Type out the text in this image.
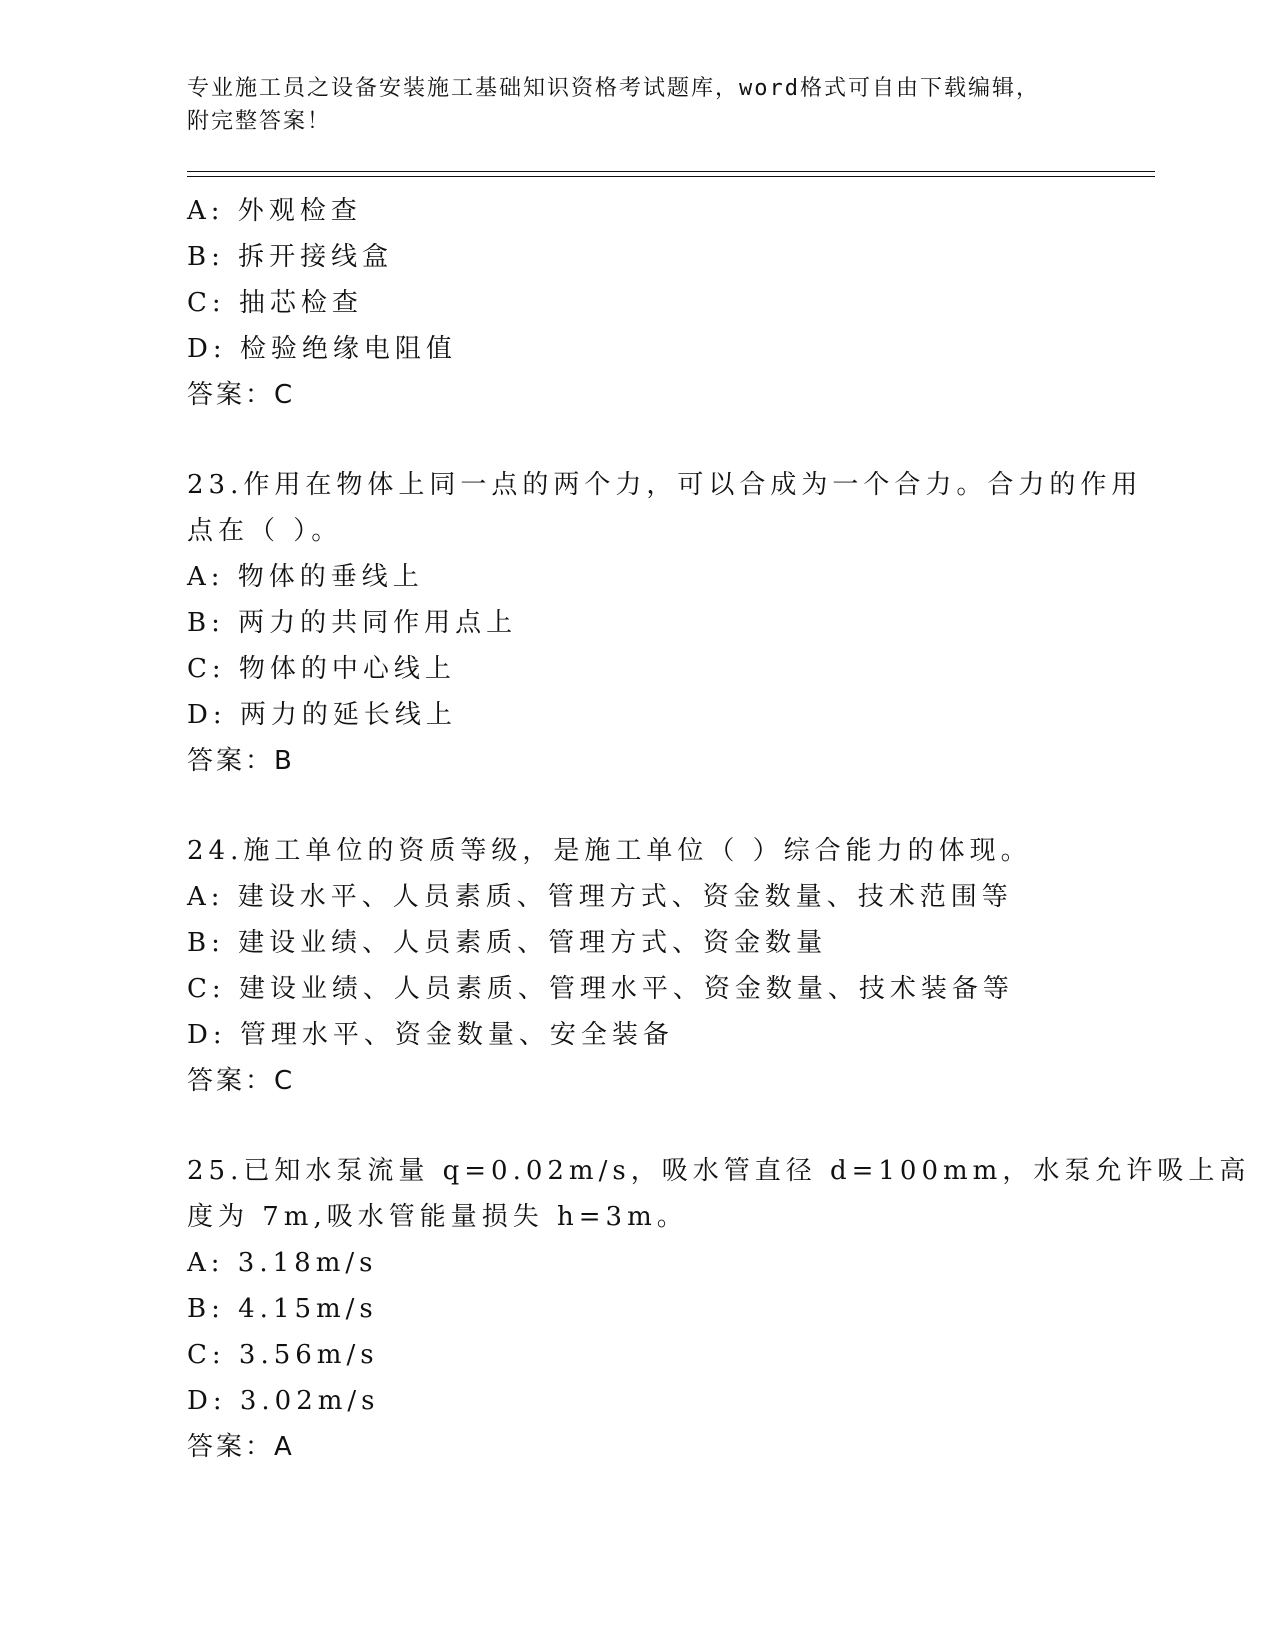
专业施工员之设备安装施工基础知识资格考试题库，word格式可自由下载编辑，
附完整答案！
A: 外观检查
B: 拆开接线盒
C: 抽芯检查
D: 检验绝缘电阻值
答案：C
23.作用在物体上同一点的两个力，可以合成为一个合力。合力的作用
点在（ ）。
A: 物体的垂线上
B: 两力的共同作用点上
C: 物体的中心线上
D: 两力的延长线上
答案：B
24.施工单位的资质等级，是施工单位（ ）综合能力的体现。
A: 建设水平、人员素质、管理方式、资金数量、技术范围等
B: 建设业绩、人员素质、管理方式、资金数量
C: 建设业绩、人员素质、管理水平、资金数量、技术装备等
D: 管理水平、资金数量、安全装备
答案：C
25.已知水泵流量 q=0.02m/s，吸水管直径 d=100mm，水泵允许吸上高
度为 7m,吸水管能量损失 h=3m。
A: 3.18m/s
B: 4.15m/s
C: 3.56m/s
D: 3.02m/s
答案：A
